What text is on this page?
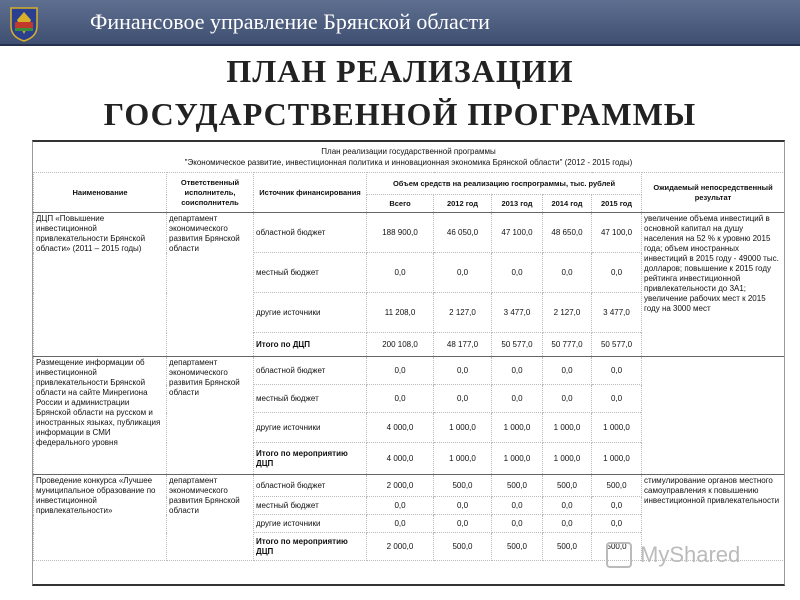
Финансовое управление Брянской области
ПЛАН РЕАЛИЗАЦИИ
ГОСУДАРСТВЕННОЙ ПРОГРАММЫ
План реализации государственной программы
"Экономическое развитие, инвестиционная политика и инновационная экономика Брянской области" (2012 - 2015 годы)
Наименование	Ответственный исполнитель, соисполнитель	Источник финансирования	Объем средств на реализацию госпрограммы, тыс. рублей					Ожидаемый непосредственный результат
			Всего	2012 год	2013 год	2014 год	2015 год	
ДЦП «Повышение инвестиционной привлекательности Брянской области» (2011 – 2015 годы)	департамент экономического развития Брянской области	областной бюджет	188 900,0	46 050,0	47 100,0	48 650,0	47 100,0	увеличение объема инвестиций в основной капитал на душу населения на 52 % к уровню 2015 года; объем иностранных инвестиций в 2015 году - 49000 тыс. долларов; повышение к 2015 году рейтинга инвестиционной привлекательности до 3А1; увеличение рабочих мест к 2015 году на 3000 мест
		местный бюджет	0,0	0,0	0,0	0,0	0,0	
		другие источники	11 208,0	2 127,0	3 477,0	2 127,0	3 477,0	
		Итого по ДЦП	200 108,0	48 177,0	50 577,0	50 777,0	50 577,0	
Размещение информации об инвестиционной привлекательности Брянской области на сайте Минрегиона России и администрации Брянской области на русском и иностранных языках, публикация информации в СМИ федерального уровня	департамент экономического развития Брянской области	областной бюджет	0,0	0,0	0,0	0,0	0,0	
		местный бюджет	0,0	0,0	0,0	0,0	0,0	
		другие источники	4 000,0	1 000,0	1 000,0	1 000,0	1 000,0	
		Итого по мероприятию ДЦП	4 000,0	1 000,0	1 000,0	1 000,0	1 000,0	
Проведение конкурса «Лучшее муниципальное образование по инвестиционной привлекательности»	департамент экономического развития Брянской области	областной бюджет	2 000,0	500,0	500,0	500,0	500,0	стимулирование органов местного самоуправления к повышению инвестиционной привлекательности
		местный бюджет	0,0	0,0	0,0	0,0	0,0	
		другие источники	0,0	0,0	0,0	0,0	0,0	
		Итого по мероприятию ДЦП	2 000,0	500,0	500,0	500,0	500,0	MyShared
